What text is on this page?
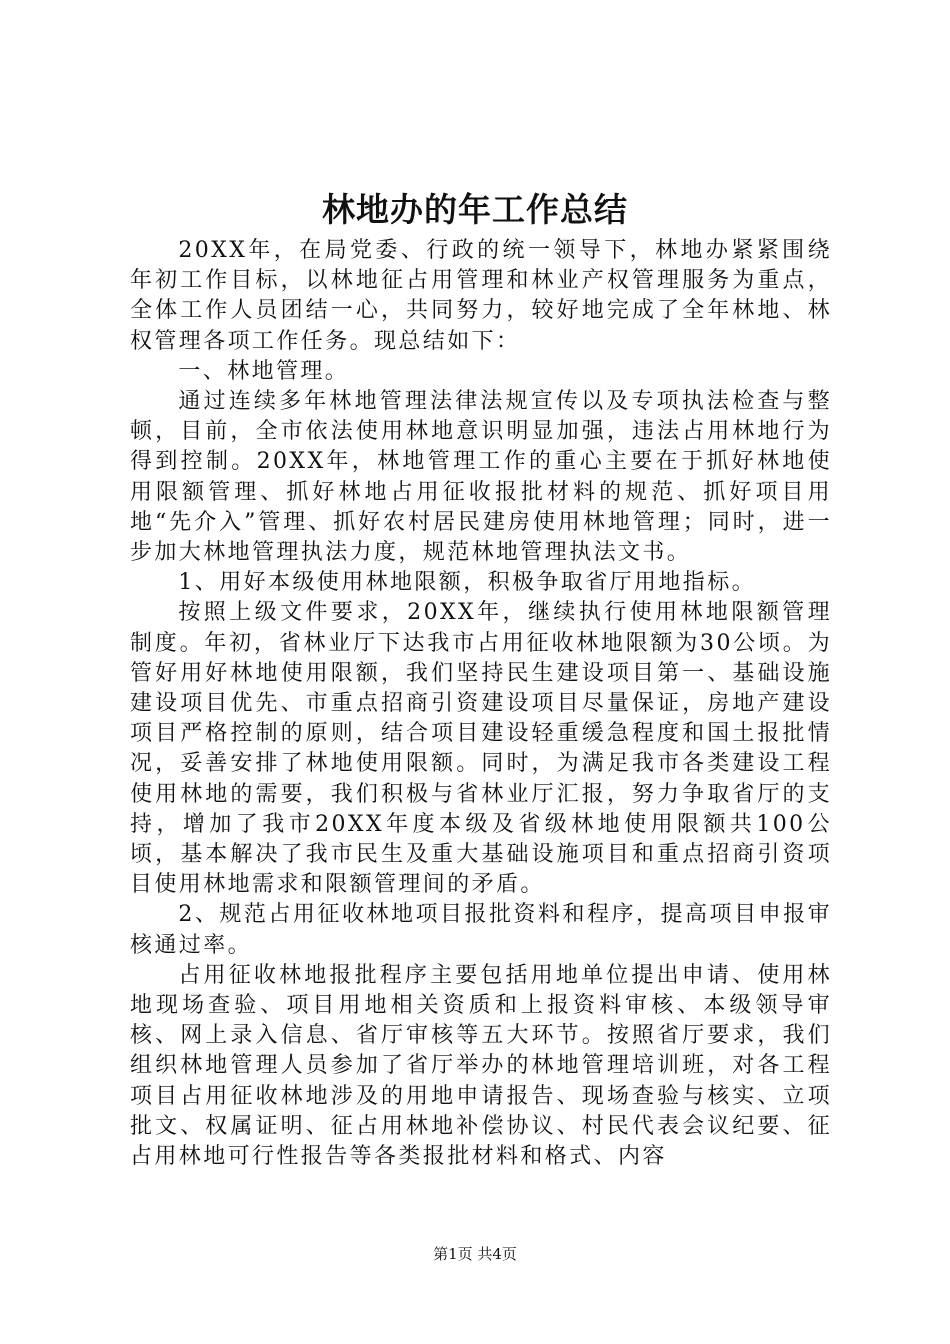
林地办的年工作总结

20XX年，在局党委、行政的统一领导下，林地办紧紧围绕年初工作目标，以林地征占用管理和林业产权管理服务为重点，全体工作人员团结一心，共同努力，较好地完成了全年林地、林权管理各项工作任务。现总结如下：

一、林地管理。

通过连续多年林地管理法律法规宣传以及专项执法检查与整顿，目前，全市依法使用林地意识明显加强，违法占用林地行为得到控制。20XX年，林地管理工作的重心主要在于抓好林地使用限额管理、抓好林地占用征收报批材料的规范、抓好项目用地“先介入”管理、抓好农村居民建房使用林地管理；同时，进一步加大林地管理执法力度，规范林地管理执法文书。

1、用好本级使用林地限额，积极争取省厅用地指标。

按照上级文件要求，20XX年，继续执行使用林地限额管理制度。年初，省林业厅下达我市占用征收林地限额为30公顷。为管好用好林地使用限额，我们坚持民生建设项目第一、基础设施建设项目优先、市重点招商引资建设项目尽量保证，房地产建设项目严格控制的原则，结合项目建设轻重缓急程度和国土报批情况，妥善安排了林地使用限额。同时，为满足我市各类建设工程使用林地的需要，我们积极与省林业厅汇报，努力争取省厅的支持，增加了我市20XX年度本级及省级林地使用限额共100公顷，基本解决了我市民生及重大基础设施项目和重点招商引资项目使用林地需求和限额管理间的矛盾。

2、规范占用征收林地项目报批资料和程序，提高项目申报审核通过率。

占用征收林地报批程序主要包括用地单位提出申请、使用林地现场查验、项目用地相关资质和上报资料审核、本级领导审核、网上录入信息、省厅审核等五大环节。按照省厅要求，我们组织林地管理人员参加了省厅举办的林地管理培训班，对各工程项目占用征收林地涉及的用地申请报告、现场查验与核实、立项批文、权属证明、征占用林地补偿协议、村民代表会议纪要、征占用林地可行性报告等各类报批材料和格式、内容

第1页 共4页
